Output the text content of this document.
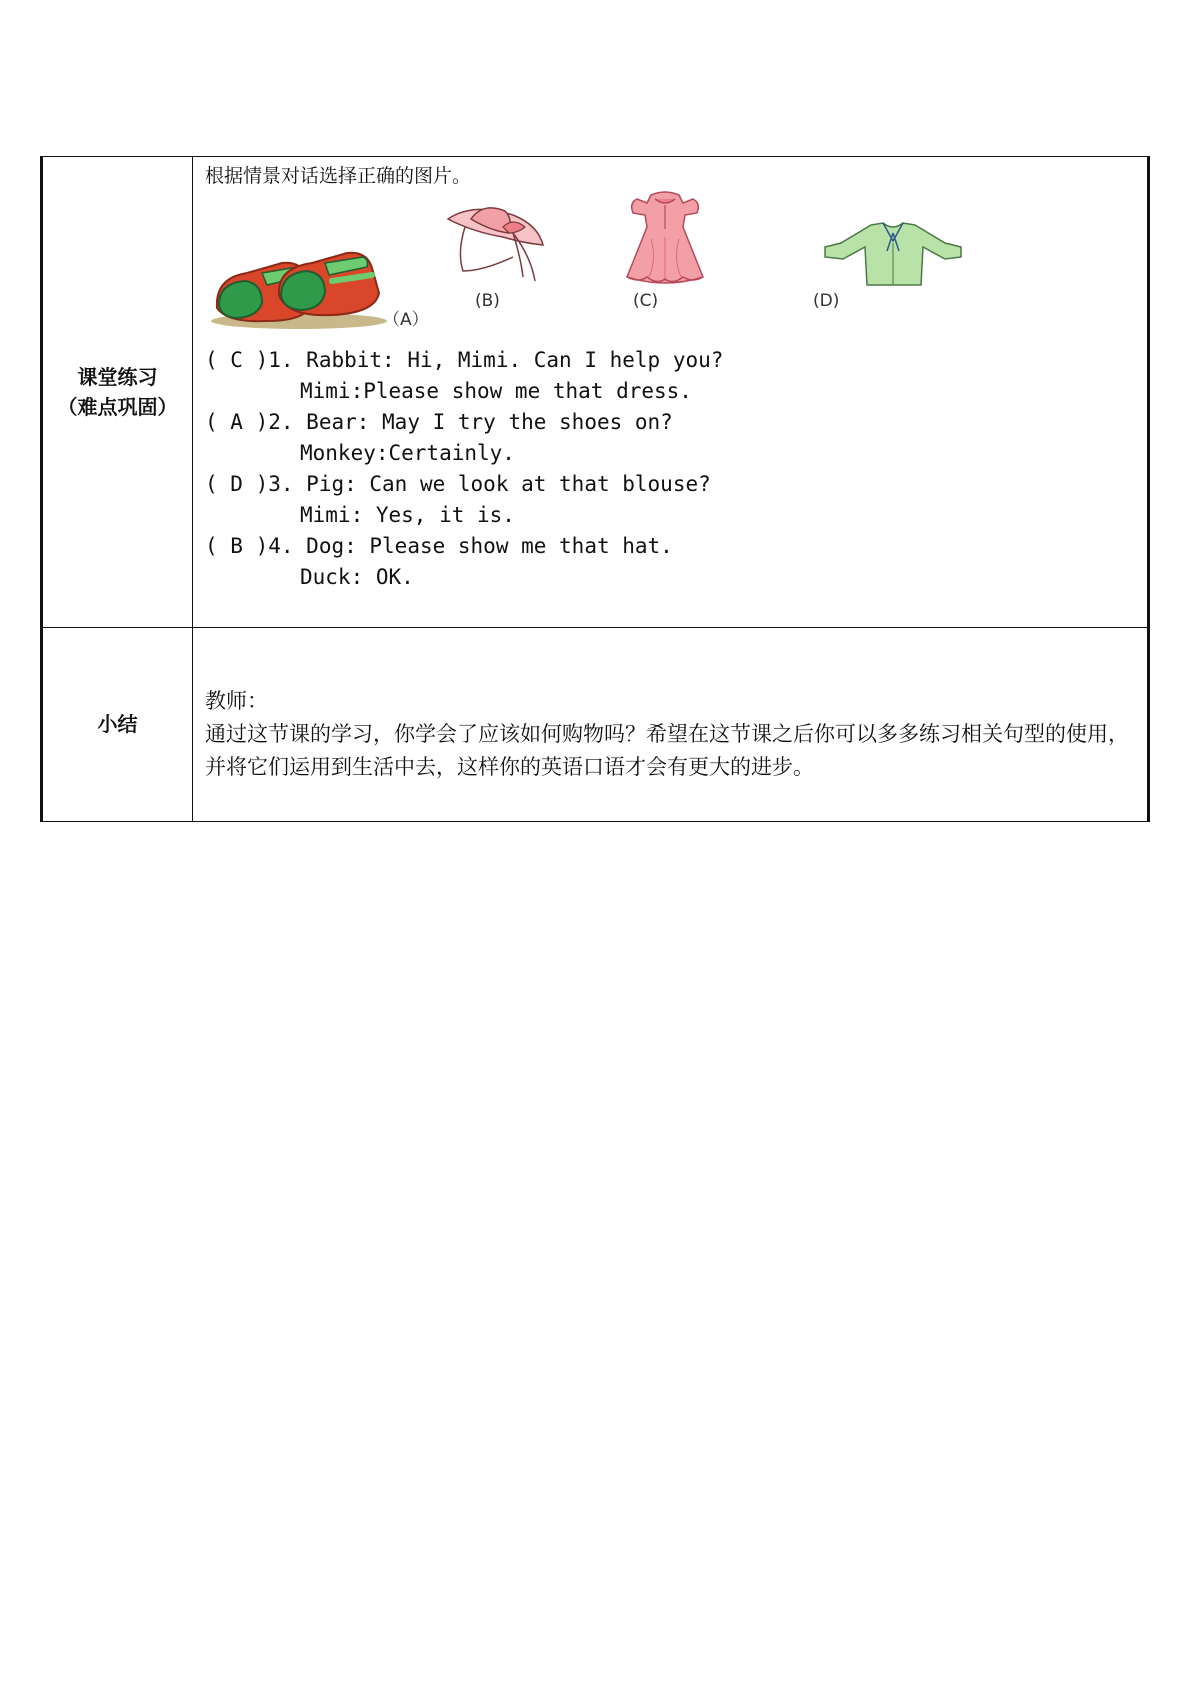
课堂练习
（难点巩固）
根据情景对话选择正确的图片。
（A）
(B)	(C)	(D)
( C )1. Rabbit: Hi, Mimi. Can I help you?
Mimi:Please show me that dress.
( A )2. Bear: May I try the shoes on?
Monkey:Certainly.
( D )3. Pig: Can we look at that blouse?
Mimi: Yes, it is.
( B )4. Dog: Please show me that hat.
Duck: OK.
小结
教师：
通过这节课的学习，你学会了应该如何购物吗？希望在这节课之后你可以多多练习相关句型的使用，并将它们运用到生活中去，这样你的英语口语才会有更大的进步。
